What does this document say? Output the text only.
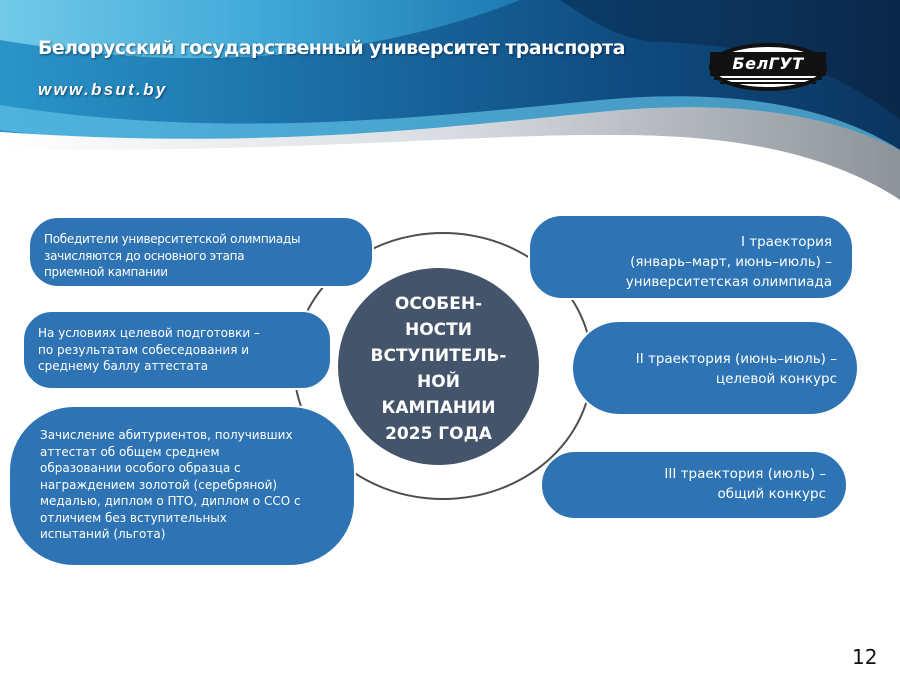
Белорусский государственный университет транспорта
www.bsut.by
БелГУТ
ОСОБЕН-
НОСТИ
ВСТУПИТЕЛЬ-
НОЙ
КАМПАНИИ
2025 ГОДА
Победители университетской олимпиады
зачисляются до основного этапа
приемной кампании
На условиях целевой подготовки –
по результатам собеседования и
среднему баллу аттестата
Зачисление абитуриентов, получивших
аттестат об общем среднем
образовании особого образца с
награждением золотой (серебряной)
медалью, диплом о ПТО, диплом о ССО с
отличием без вступительных
испытаний (льгота)
I траектория
(январь–март, июнь–июль) –
университетская олимпиада
II траектория (июнь–июль) –
целевой конкурс
III траектория (июль) –
общий конкурс
12
